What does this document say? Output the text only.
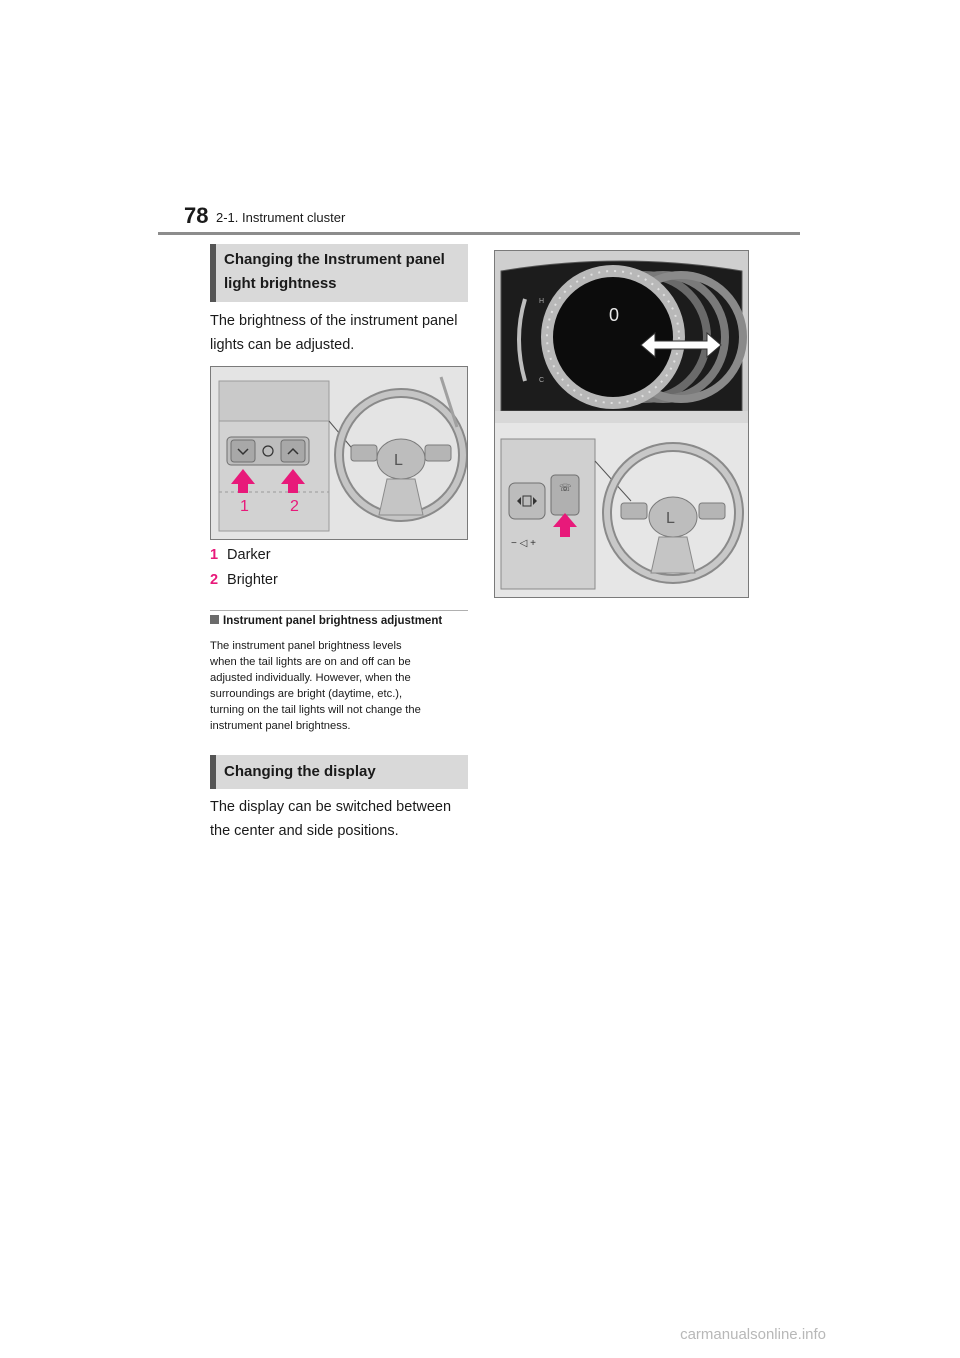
78 2-1. Instrument cluster
Changing the Instrument panel
light brightness
The brightness of the instrument panel
lights can be adjusted.
1	2
L
1 Darker
2 Brighter
Instrument panel brightness adjustment
The instrument panel brightness levels
when the tail lights are on and off can be
adjusted individually. However, when the
surroundings are bright (daytime, etc.),
turning on the tail lights will not change the
instrument panel brightness.
Changing the display
The display can be switched between
the center and side positions.
H
C
0
☏
− ◁ +
L
carmanualsonline.info
